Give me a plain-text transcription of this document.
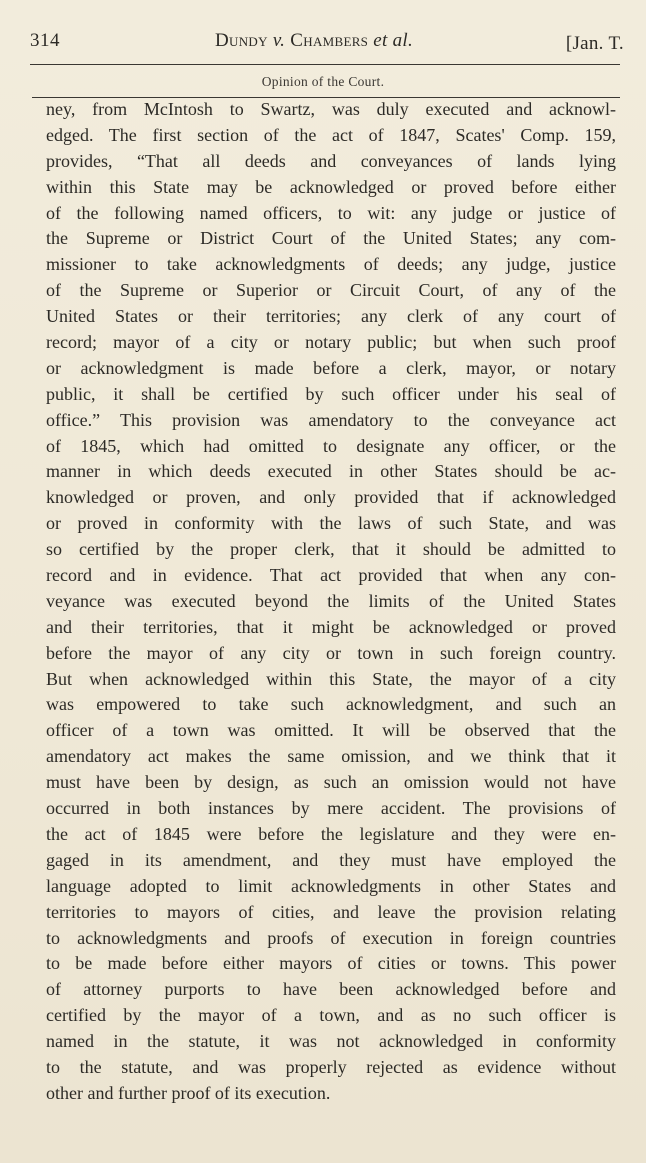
314	Dundy v. Chambers et al.	[Jan. T.
Opinion of the Court.
ney, from McIntosh to Swartz, was duly executed and acknowl-
edged. The first section of the act of 1847, Scates' Comp. 159,
provides, “That all deeds and conveyances of lands lying
within this State may be acknowledged or proved before either
of the following named officers, to wit: any judge or justice of
the Supreme or District Court of the United States; any com-
missioner to take acknowledgments of deeds; any judge, justice
of the Supreme or Superior or Circuit Court, of any of the
United States or their territories; any clerk of any court of
record; mayor of a city or notary public; but when such proof
or acknowledgment is made before a clerk, mayor, or notary
public, it shall be certified by such officer under his seal of
office.” This provision was amendatory to the conveyance act
of 1845, which had omitted to designate any officer, or the
manner in which deeds executed in other States should be ac-
knowledged or proven, and only provided that if acknowledged
or proved in conformity with the laws of such State, and was
so certified by the proper clerk, that it should be admitted to
record and in evidence. That act provided that when any con-
veyance was executed beyond the limits of the United States
and their territories, that it might be acknowledged or proved
before the mayor of any city or town in such foreign country.
But when acknowledged within this State, the mayor of a city
was empowered to take such acknowledgment, and such an
officer of a town was omitted. It will be observed that the
amendatory act makes the same omission, and we think that it
must have been by design, as such an omission would not have
occurred in both instances by mere accident. The provisions of
the act of 1845 were before the legislature and they were en-
gaged in its amendment, and they must have employed the
language adopted to limit acknowledgments in other States and
territories to mayors of cities, and leave the provision relating
to acknowledgments and proofs of execution in foreign countries
to be made before either mayors of cities or towns. This power
of attorney purports to have been acknowledged before and
certified by the mayor of a town, and as no such officer is
named in the statute, it was not acknowledged in conformity
to the statute, and was properly rejected as evidence without
other and further proof of its execution.
